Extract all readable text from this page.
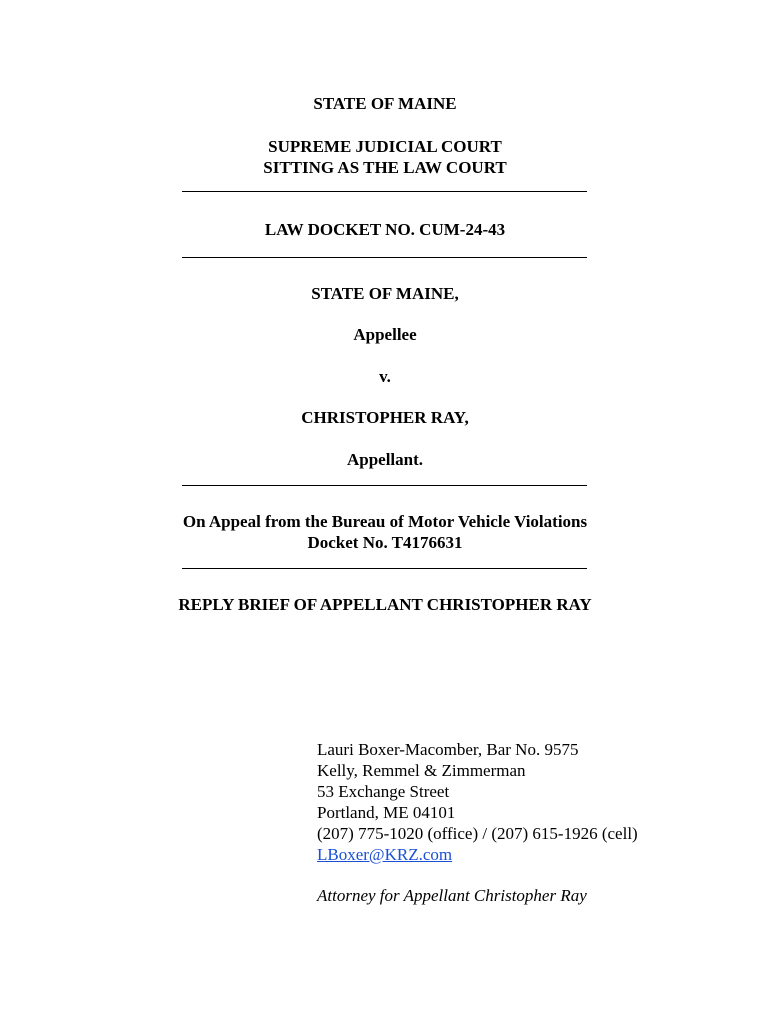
STATE OF MAINE
SUPREME JUDICIAL COURT
SITTING AS THE LAW COURT
LAW DOCKET NO. CUM-24-43
STATE OF MAINE,
Appellee
v.
CHRISTOPHER RAY,
Appellant.
On Appeal from the Bureau of Motor Vehicle Violations
Docket No. T4176631
REPLY BRIEF OF APPELLANT CHRISTOPHER RAY
Lauri Boxer-Macomber, Bar No. 9575
Kelly, Remmel & Zimmerman
53 Exchange Street
Portland, ME 04101
(207) 775-1020 (office) / (207) 615-1926 (cell)
LBoxer@KRZ.com
Attorney for Appellant Christopher Ray
